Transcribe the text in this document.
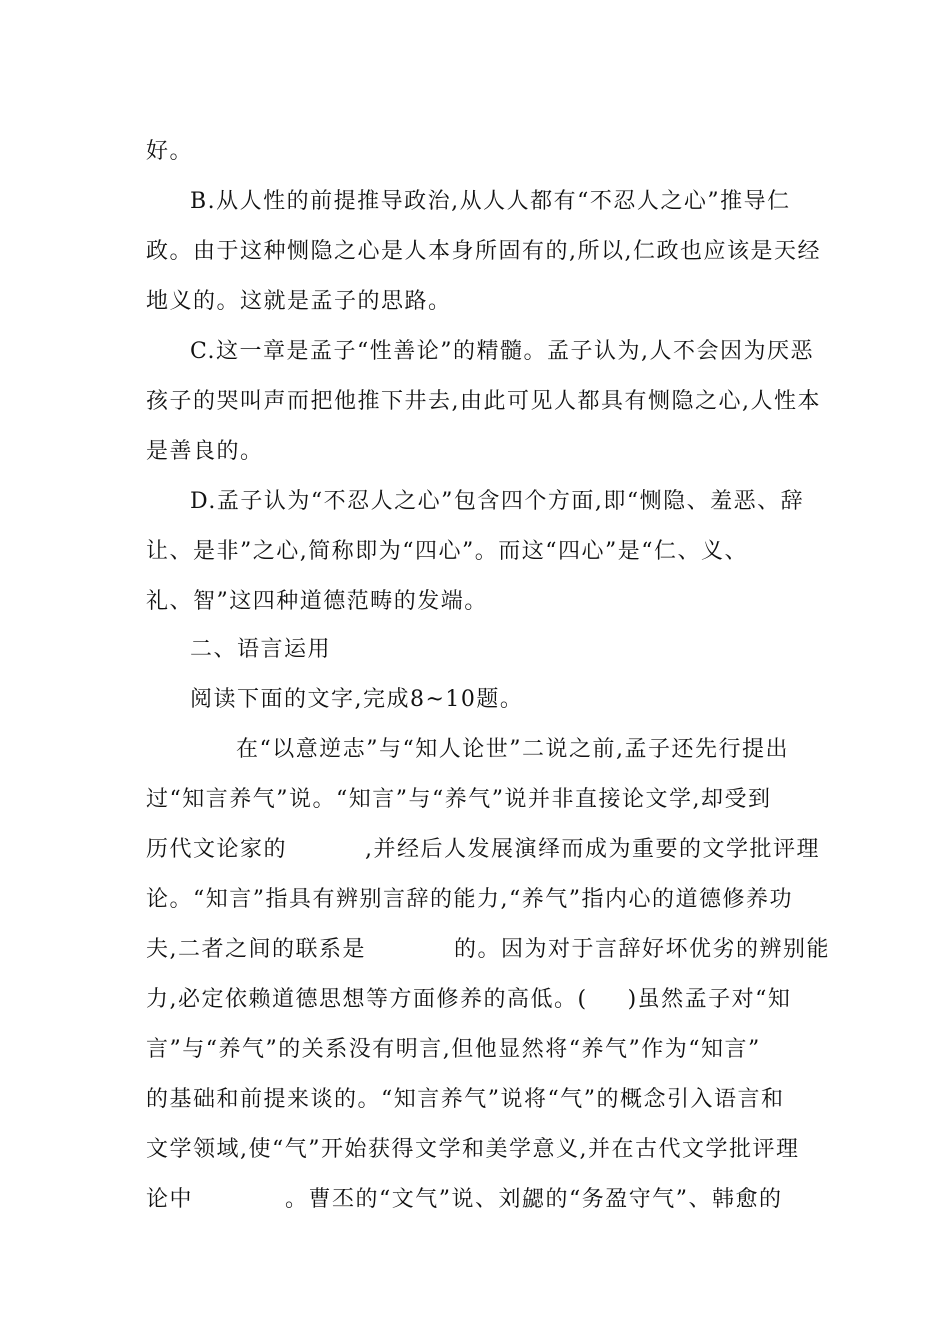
好。
B.从人性的前提推导政治,从人人都有“不忍人之心”推导仁
政。由于这种恻隐之心是人本身所固有的,所以,仁政也应该是天经
地义的。这就是孟子的思路。
C.这一章是孟子“性善论”的精髓。孟子认为,人不会因为厌恶
孩子的哭叫声而把他推下井去,由此可见人都具有恻隐之心,人性本
是善良的。
D.孟子认为“不忍人之心”包含四个方面,即“恻隐、羞恶、辞
让、是非”之心,简称即为“四心”。而这“四心”是“仁、义、
礼、智”这四种道德范畴的发端。
二、语言运用
阅读下面的文字,完成8~10题。
在“以意逆志”与“知人论世”二说之前,孟子还先行提出
过“知言养气”说。“知言”与“养气”说并非直接论文学,却受到
历代文论家的	,并经后人发展演绎而成为重要的文学批评理
论。“知言”指具有辨别言辞的能力,“养气”指内心的道德修养功
夫,二者之间的联系是	的。因为对于言辞好坏优劣的辨别能
力,必定依赖道德思想等方面修养的高低。( )虽然孟子对“知
言”与“养气”的关系没有明言,但他显然将“养气”作为“知言”
的基础和前提来谈的。“知言养气”说将“气”的概念引入语言和
文学领域,使“气”开始获得文学和美学意义,并在古代文学批评理
论中	。曹丕的“文气”说、刘勰的“务盈守气”、韩愈的
